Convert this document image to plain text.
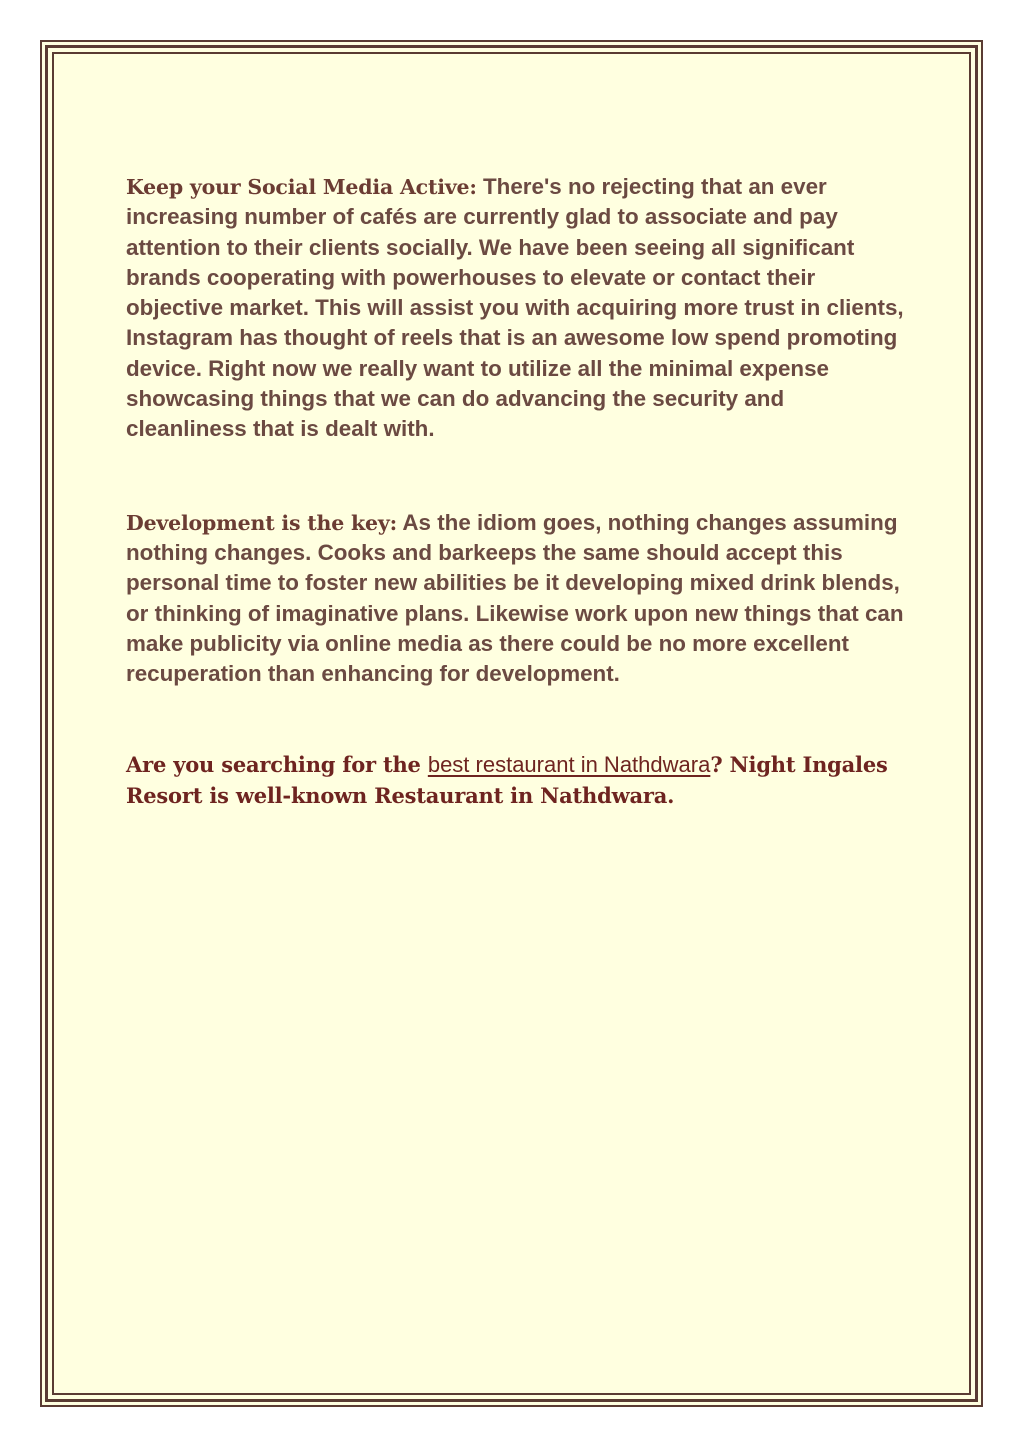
Keep your Social Media Active: There's no rejecting that an ever increasing number of cafés are currently glad to associate and pay attention to their clients socially. We have been seeing all significant brands cooperating with powerhouses to elevate or contact their objective market. This will assist you with acquiring more trust in clients, Instagram has thought of reels that is an awesome low spend promoting device. Right now we really want to utilize all the minimal expense showcasing things that we can do advancing the security and cleanliness that is dealt with.

Development is the key: As the idiom goes, nothing changes assuming nothing changes. Cooks and barkeeps the same should accept this personal time to foster new abilities be it developing mixed drink blends, or thinking of imaginative plans. Likewise work upon new things that can make publicity via online media as there could be no more excellent recuperation than enhancing for development.

Are you searching for the best restaurant in Nathdwara? Night Ingales Resort is well-known Restaurant in Nathdwara.
